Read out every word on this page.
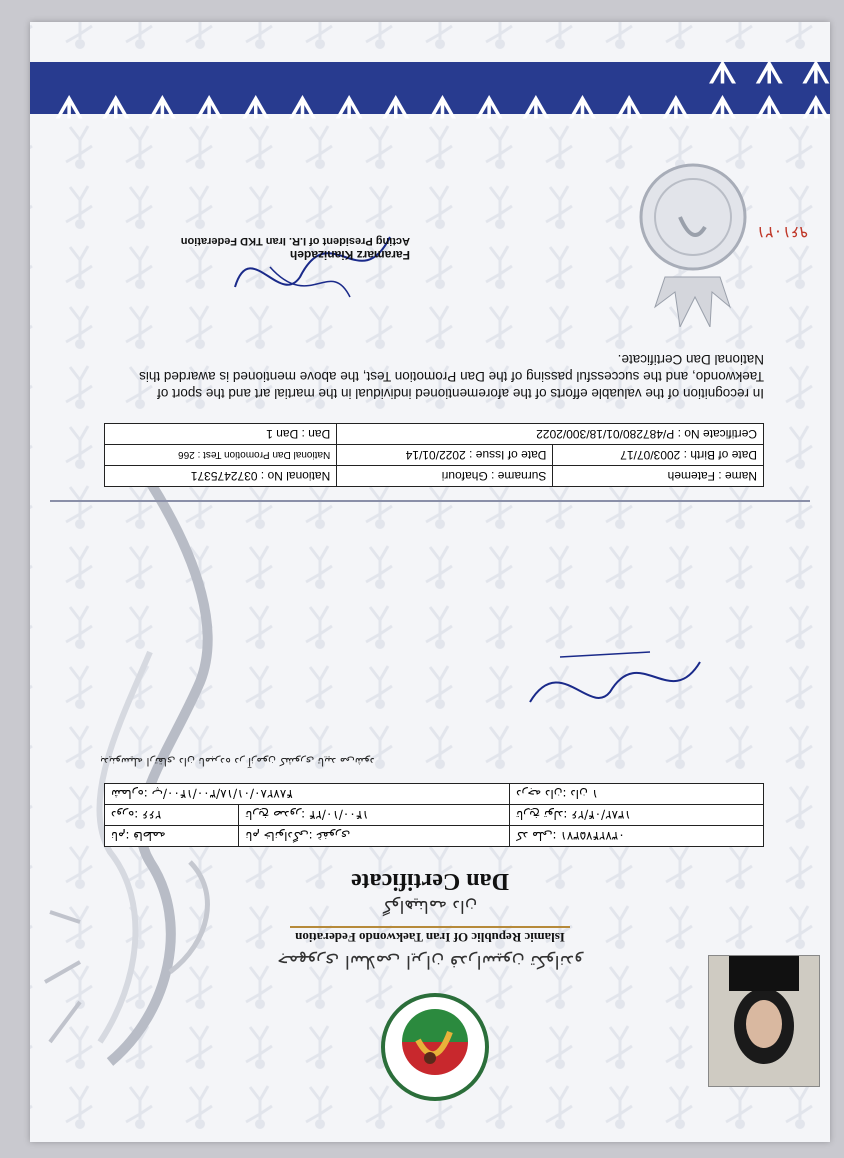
جمهوری اسلامی ایران فدراسیون تکواندو
Islamic Republic Of Iran Taekwondo Federation
گواهینامه دان
Dan Certificate
نام: فاطمه	نام خانوادگی: غفوری	کد ملی: ۰۳۷۲۴۷۵۳۷۱
دوره: ۲۶۶	تاریخ صدور: ۱۴۰۰/۱۰/۲۴	تاریخ تولد: ۱۳۸۲/۰۴/۲۶
شماره: پ/۴۸۷۲۸۰/۰۱/۱۸/۳۰۰/۱۴۰۰		درجه دان: دان ۱
بدینوسیله ارتقای دان نامبرده در آزمون کشوری تایید می‌شود
Name : Fatemeh	Surname : Ghafouri	National No : 0372475371
Date of Birth : 2003/07/17	Date of Issue : 2022/01/14	National Dan Promotion Test : 266
Certificate No : P/487280/01/18/300/2022		Dan : Dan 1
In recognition of the valuable efforts of the aforementioned individual in the martial art and the sport of Taekwondo, and the successful passing of the Dan Promotion Test, the above mentioned is awarded this National Dan Certificate.
Faramarz Kianizadeh
Acting President of I.R. Iran TKD Federation	۹۶۱۰۲۱
ᗐ ᗐ ᗐ ᗐ ᗐ ᗐ ᗐ ᗐ ᗐ ᗐ ᗐ ᗐ ᗐ ᗐ ᗐ ᗐ ᗐ ᗐ ᗐ ᗐ
